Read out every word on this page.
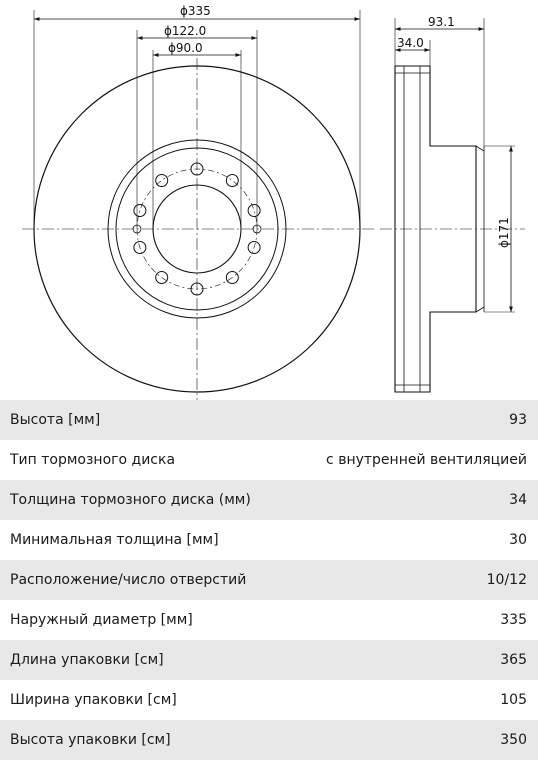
ϕ335
ϕ122.0
ϕ90.0
93.1
34.0
ϕ171
Высота [мм]	93
Тип тормозного диска	с внутренней вентиляцией
Толщина тормозного диска (мм)	34
Минимальная толщина [мм]	30
Расположение/число отверстий	10/12
Наружный диаметр [мм]	335
Длина упаковки [см]	365
Ширина упаковки [см]	105
Высота упаковки [см]	350
